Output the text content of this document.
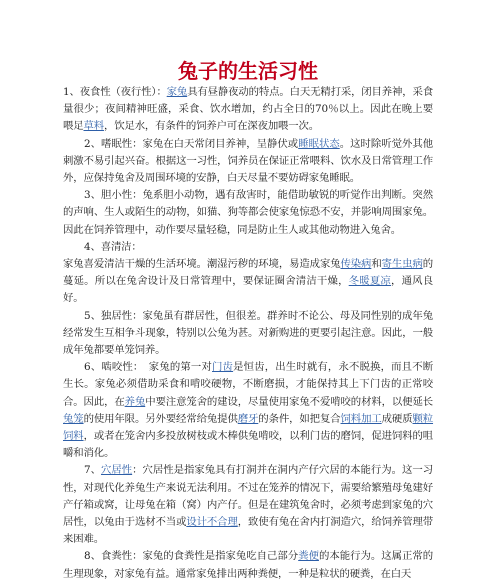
兔子的生活习性

1、夜食性（夜行性）：家兔具有昼静夜动的特点。白天无精打采，闭目养神，采食量很少；夜间精神旺盛，采食、饮水增加，约占全日的70％以上。因此在晚上要喂足草料，饮足水，有条件的饲养户可在深夜加喂一次。

2、嗜眠性：家兔在白天常闭目养神，呈静伏或睡眠状态。这时除听觉外其他刺激不易引起兴奋。根据这一习性，饲养员在保证正常喂料、饮水及日常管理工作外，应保持兔舍及周围环境的安静，白天尽量不要妨碍家兔睡眠。

3、胆小性：兔系胆小动物，遇有敌害时，能借助敏锐的听觉作出判断。突然的声响、生人或陌生的动物，如猫、狗等都会使家兔惊恐不安，并影响周围家兔。因此在饲养管理中，动作要尽量轻稳，同是防止生人或其他动物进入兔舍。

4、喜清洁：

家兔喜爱清洁干燥的生活环境。潮湿污秽的环境，易造成家兔传染病和寄生虫病的蔓延。所以在兔舍设计及日常管理中，要保证圈舍清洁干燥，冬暖夏凉，通风良好。

5、独居性：家兔虽有群居性，但很差。群养时不论公、母及同性别的成年兔经常发生互相争斗现象，特别以公兔为甚。对新购进的更要引起注意。因此，一般成年兔都要单笼饲养。

6、啮咬性：　家兔的第一对门齿是恒齿，出生时就有，永不脱换，而且不断生长。家兔必须借助采食和啃咬硬物，不断磨损，才能保持其上下门齿的正常咬合。因此，在养兔中要注意笼舍的建设，尽量使用家兔不爱啃咬的材料，以便延长兔笼的使用年限。另外要经常给兔提供磨牙的条件，如把复合饲料加工成硬质颗粒饲料，或者在笼舍内多投放树枝或木棒供兔啃咬，以利门齿的磨饲，促进饲料的咀嚼和消化。

7、穴居性：穴居性是指家兔具有打洞并在洞内产仔穴居的本能行为。这一习性，对现代化养兔生产来说无法利用。不过在笼养的情况下，需要给繁殖母兔建好产仔箱或窝，让母兔在箱（窝）内产仔。但是在建筑兔舍时，必须考虑到家兔的穴居性，以兔由于选材不当或设计不合理，致使有兔在舍内打洞造穴，给饲养管理带来困难。

8、食粪性：家兔的食粪性是指家兔吃自己部分粪便的本能行为。这属正常的生理现象，对家兔有益。通常家兔排出两种粪便，一种是粒状的硬粪，在白天
